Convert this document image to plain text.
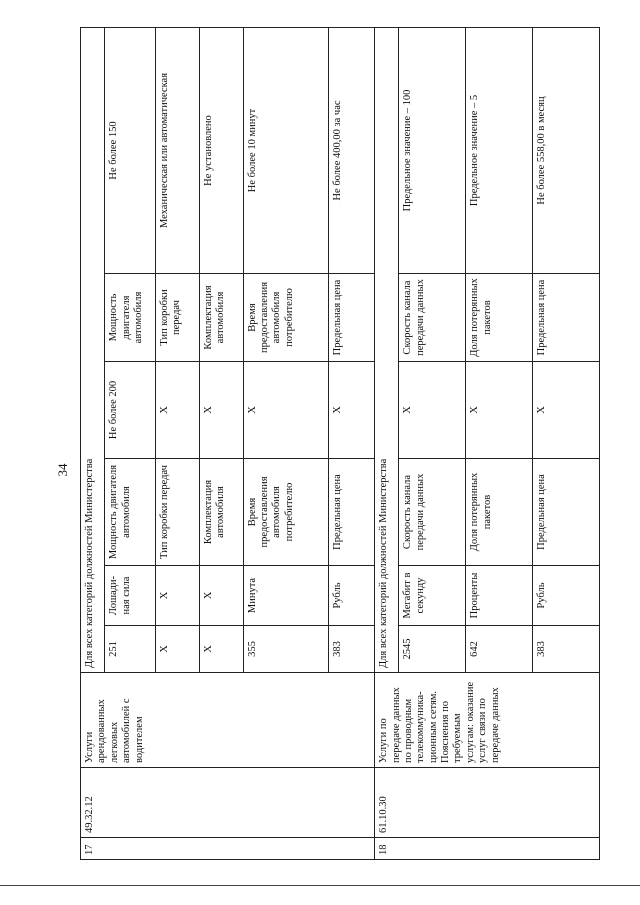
34
17	49.32.12	Услуги арендованных легковых автомобилей с водителем	Для всех категорий должностей Министерства					
			251	Лошади-ная сила	Мощность двигателя автомобиля	Не более 200	Мощность двигателя автомобиля	Не более 150
			X	X	Тип коробки передач	X	Тип коробки передач	Механическая или автоматическая
			X	X	Комплектация автомобиля	X	Комплектация автомобиля	Не установлено
			355	Минута	Время предоставления автомобиля потребителю	X	Время предоставления автомобиля потребителю	Не более 10 минут
			383	Рубль	Предельная цена	X	Предельная цена	Не более 400,00 за час
18	61.10.30	Услуги по передаче данных по проводным телекоммуника-ционным сетям. Пояснения по требуемым услугам: оказание услуг связи по передаче данных	Для всех категорий должностей Министерства					
			2545	Мегабит в секунду	Скорость канала передачи данных	X	Скорость канала передачи данных	Предельное значение – 100
			642	Проценты	Доля потерянных пакетов	X	Доля потерянных пакетов	Предельное значение – 5
			383	Рубль	Предельная цена	X	Предельная цена	Не более 558,00 в месяц
